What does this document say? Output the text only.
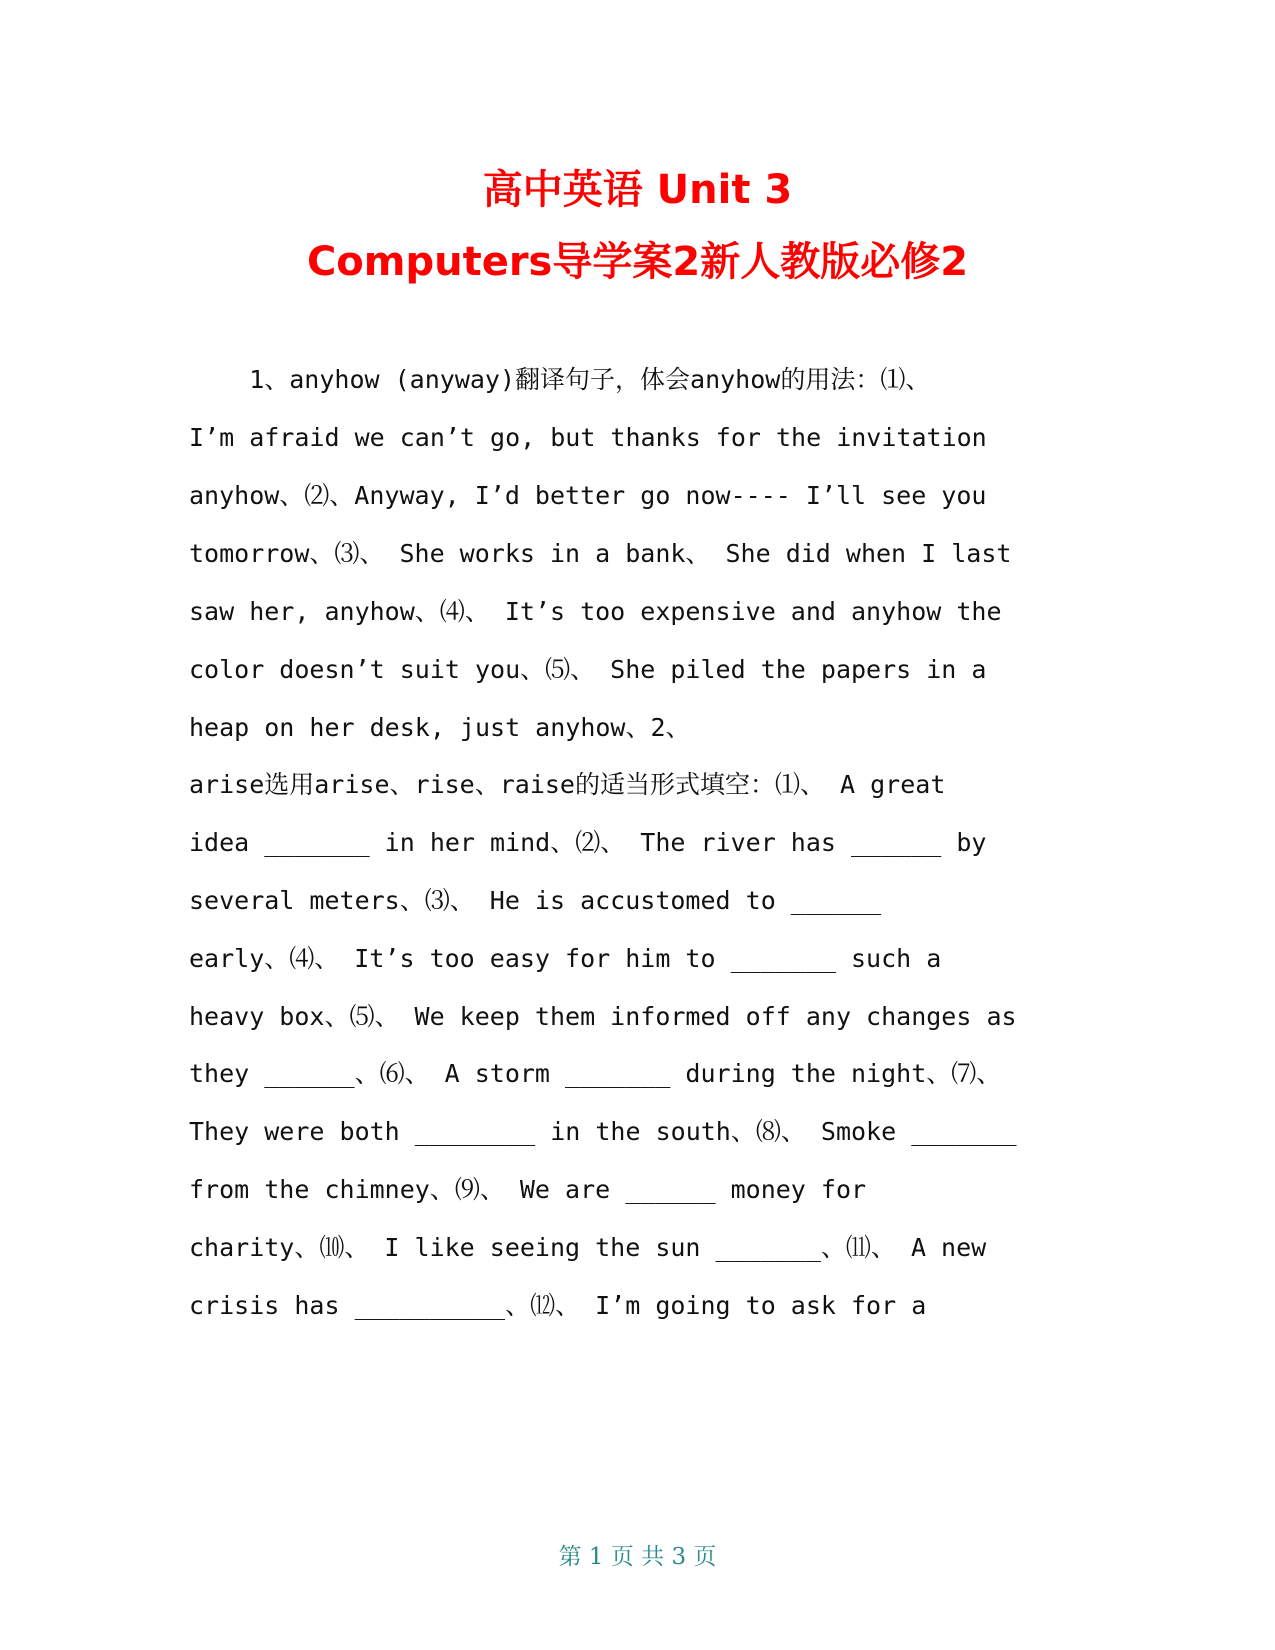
高中英语 Unit 3
Computers导学案2新人教版必修2
1、anyhow (anyway)翻译句子，体会anyhow的用法：⑴、
I’m afraid we can’t go, but thanks for the invitation
anyhow、⑵、Anyway, I’d better go now---- I’ll see you
tomorrow、⑶、 She works in a bank、 She did when I last
saw her, anyhow、⑷、 It’s too expensive and anyhow the
color doesn’t suit you、⑸、 She piled the papers in a
heap on her desk, just anyhow、2、
arise选用arise、rise、raise的适当形式填空：⑴、 A great
idea _______ in her mind、⑵、 The river has ______ by
several meters、⑶、 He is accustomed to ______
early、⑷、 It’s too easy for him to _______ such a
heavy box、⑸、 We keep them informed off any changes as
they ______、⑹、 A storm _______ during the night、⑺、
They were both ________ in the south、⑻、 Smoke _______
from the chimney、⑼、 We are ______ money for
charity、⑽、 I like seeing the sun _______、⑾、 A new
crisis has __________、⑿、 I’m going to ask for a
第 1 页 共 3 页
